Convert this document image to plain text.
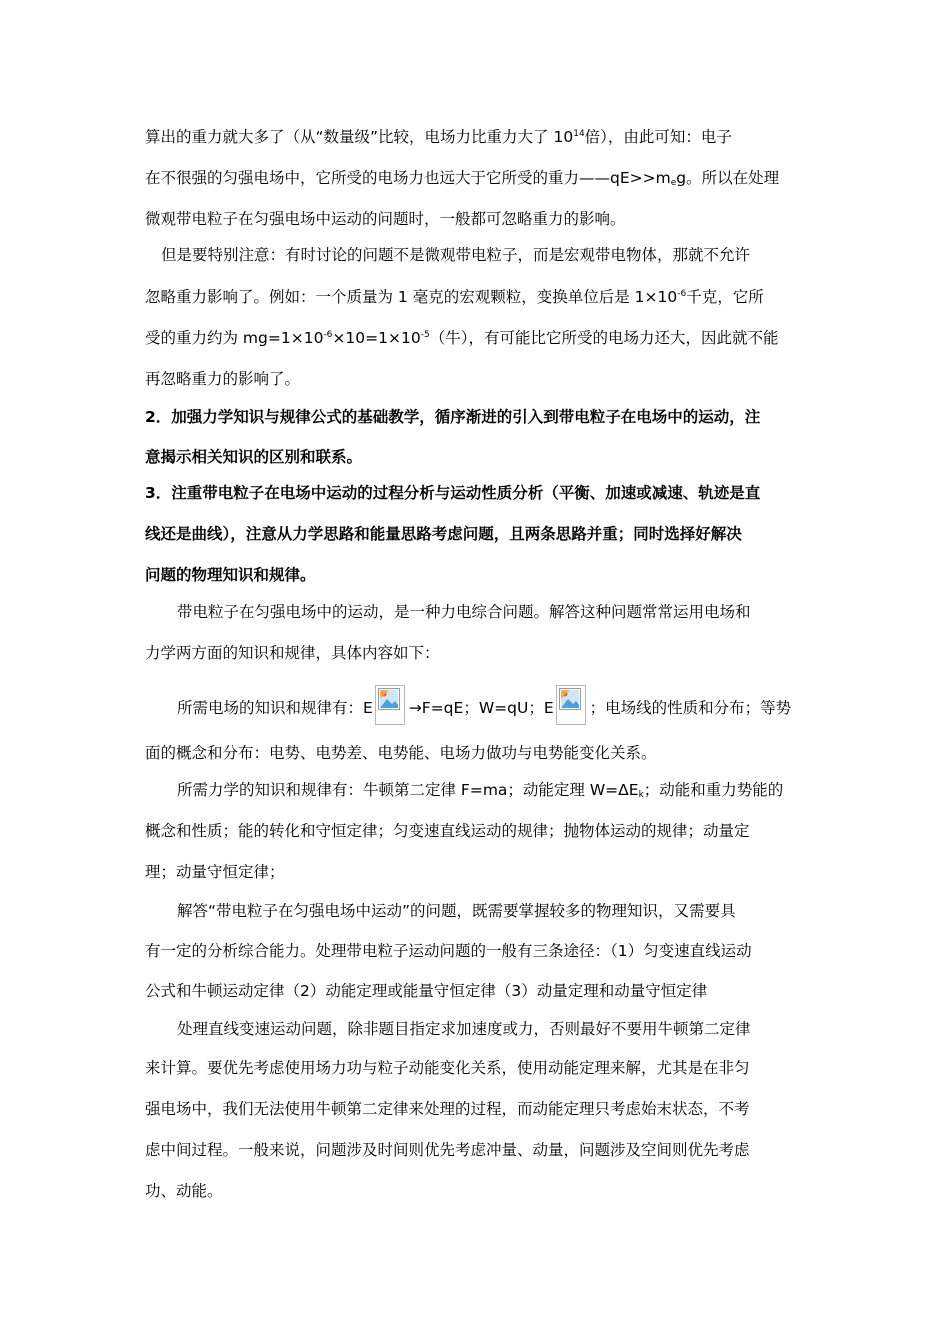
算出的重力就大多了（从“数量级”比较，电场力比重力大了 $10^{14}$倍），由此可知：电子
在不很强的匀强电场中，它所受的电场力也远大于它所受的重力$——qE>>m_eg$。所以在处理
微观带电粒子在匀强电场中运动的问题时，一般都可忽略重力的影响。
但是要特别注意：有时讨论的问题不是微观带电粒子，而是宏观带电物体，那就不允许
忽略重力影响了。例如：一个质量为 1 毫克的宏观颗粒，变换单位后是 $1\times 10^{-6}$千克，它所
受的重力约为 $mg=1\times 10^{-6}\times 10=1\times 10^{-5}$（牛），有可能比它所受的电场力还大，因此就不能
再忽略重力的影响了。
2．加强力学知识与规律公式的基础教学，循序渐进的引入到带电粒子在电场中的运动，注
意揭示相关知识的区别和联系。
3．注重带电粒子在电场中运动的过程分析与运动性质分析（平衡、加速或减速、轨迹是直
线还是曲线），注意从力学思路和能量思路考虑问题，且两条思路并重；同时选择好解决
问题的物理知识和规律。
带电粒子在匀强电场中的运动，是一种力电综合问题。解答这种问题常常运用电场和
力学两方面的知识和规律，具体内容如下：
所需电场的知识和规律有：E →F=qE；W=qU；E ；电场线的性质和分布；等势
面的概念和分布：电势、电势差、电势能、电场力做功与电势能变化关系。
所需力学的知识和规律有：牛顿第二定律 F=ma；动能定理 $W=\Delta E_k$；动能和重力势能的
概念和性质；能的转化和守恒定律；匀变速直线运动的规律；抛物体运动的规律；动量定
理；动量守恒定律；
解答“带电粒子在匀强电场中运动”的问题，既需要掌握较多的物理知识，又需要具
有一定的分析综合能力。处理带电粒子运动问题的一般有三条途径：（1）匀变速直线运动
公式和牛顿运动定律（2）动能定理或能量守恒定律（3）动量定理和动量守恒定律
处理直线变速运动问题，除非题目指定求加速度或力，否则最好不要用牛顿第二定律
来计算。要优先考虑使用场力功与粒子动能变化关系，使用动能定理来解，尤其是在非匀
强电场中，我们无法使用牛顿第二定律来处理的过程，而动能定理只考虑始末状态，不考
虑中间过程。一般来说，问题涉及时间则优先考虑冲量、动量，问题涉及空间则优先考虑
功、动能。
